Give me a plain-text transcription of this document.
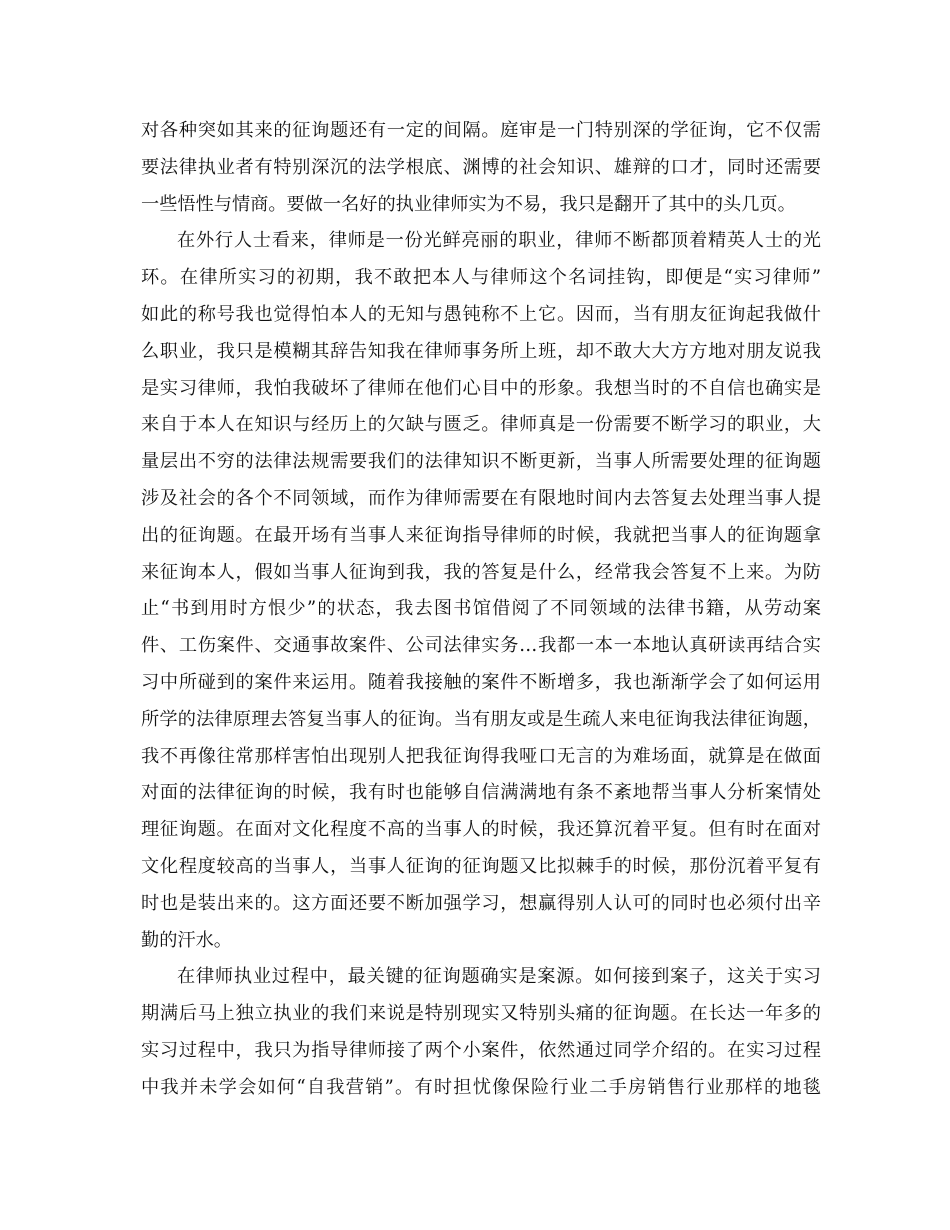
对各种突如其来的征询题还有一定的间隔。庭审是一门特别深的学征询，它不仅需
要法律执业者有特别深沉的法学根底、渊博的社会知识、雄辩的口才，同时还需要
一些悟性与情商。要做一名好的执业律师实为不易，我只是翻开了其中的头几页。
在外行人士看来，律师是一份光鲜亮丽的职业，律师不断都顶着精英人士的光
环。在律所实习的初期，我不敢把本人与律师这个名词挂钩，即便是“实习律师”
如此的称号我也觉得怕本人的无知与愚钝称不上它。因而，当有朋友征询起我做什
么职业，我只是模糊其辞告知我在律师事务所上班，却不敢大大方方地对朋友说我
是实习律师，我怕我破坏了律师在他们心目中的形象。我想当时的不自信也确实是
来自于本人在知识与经历上的欠缺与匮乏。律师真是一份需要不断学习的职业，大
量层出不穷的法律法规需要我们的法律知识不断更新，当事人所需要处理的征询题
涉及社会的各个不同领域，而作为律师需要在有限地时间内去答复去处理当事人提
出的征询题。在最开场有当事人来征询指导律师的时候，我就把当事人的征询题拿
来征询本人，假如当事人征询到我，我的答复是什么，经常我会答复不上来。为防
止“书到用时方恨少”的状态，我去图书馆借阅了不同领域的法律书籍，从劳动案
件、工伤案件、交通事故案件、公司法律实务…我都一本一本地认真研读再结合实
习中所碰到的案件来运用。随着我接触的案件不断增多，我也渐渐学会了如何运用
所学的法律原理去答复当事人的征询。当有朋友或是生疏人来电征询我法律征询题，
我不再像往常那样害怕出现别人把我征询得我哑口无言的为难场面，就算是在做面
对面的法律征询的时候，我有时也能够自信满满地有条不紊地帮当事人分析案情处
理征询题。在面对文化程度不高的当事人的时候，我还算沉着平复。但有时在面对
文化程度较高的当事人，当事人征询的征询题又比拟棘手的时候，那份沉着平复有
时也是装出来的。这方面还要不断加强学习，想赢得别人认可的同时也必须付出辛
勤的汗水。
在律师执业过程中，最关键的征询题确实是案源。如何接到案子，这关于实习
期满后马上独立执业的我们来说是特别现实又特别头痛的征询题。在长达一年多的
实习过程中，我只为指导律师接了两个小案件，依然通过同学介绍的。在实习过程
中我并未学会如何“自我营销”。有时担忧像保险行业二手房销售行业那样的地毯
